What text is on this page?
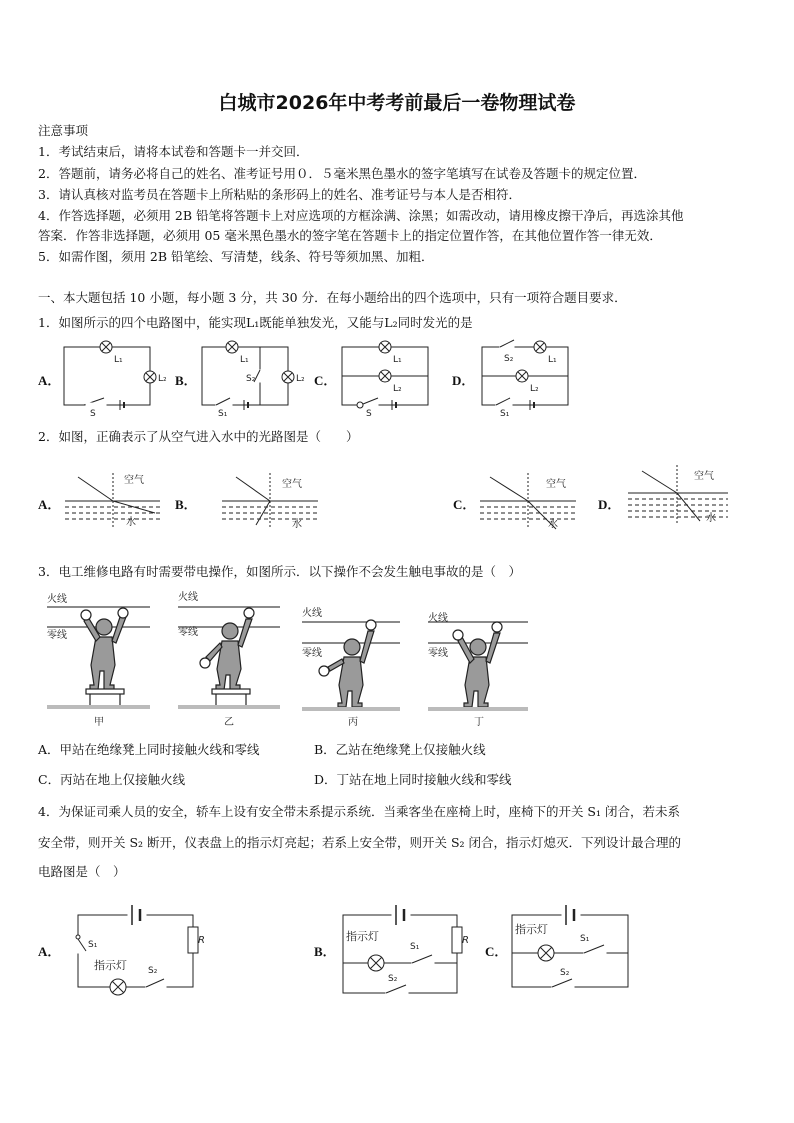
白城市2026年中考考前最后一卷物理试卷
注意事项
1．考试结束后，请将本试卷和答题卡一并交回．
2．答题前，请务必将自己的姓名、准考证号用０．５毫米黑色墨水的签字笔填写在试卷及答题卡的规定位置．
3．请认真核对监考员在答题卡上所粘贴的条形码上的姓名、准考证号与本人是否相符．
4．作答选择题，必须用 2B 铅笔将答题卡上对应选项的方框涂满、涂黑；如需改动，请用橡皮擦干净后，再选涂其他
答案．作答非选择题，必须用 05 毫米黑色墨水的签字笔在答题卡上的指定位置作答，在其他位置作答一律无效．
5．如需作图，须用 2B 铅笔绘、写清楚，线条、符号等须加黑、加粗．
一、本大题包括 10 小题，每小题 3 分，共 30 分．在每小题给出的四个选项中，只有一项符合题目要求．
1．如图所示的四个电路图中，能实现L₁既能单独发光，又能与L₂同时发光的是
A．	B．	C．	D．
L₁
L₂
S
L₁
L₂
S₂
S₁
L₁
L₂
S
L₁
L₂
S₂
S₁
2．如图，正确表示了从空气进入水中的光路图是（　　）
A．	B．	C．	D．
空气
水
空气
水
空气
水
空气
水
3．电工维修电路有时需要带电操作，如图所示．以下操作不会发生触电事故的是（　）
火线
零线
火线
零线
火线
零线
火线
零线
甲	乙	丙	丁
A．甲站在绝缘凳上同时接触火线和零线	B．乙站在绝缘凳上仅接触火线
C．丙站在地上仅接触火线	D．丁站在地上同时接触火线和零线
4．为保证司乘人员的安全，轿车上设有安全带未系提示系统．当乘客坐在座椅上时，座椅下的开关 S₁ 闭合，若未系
安全带，则开关 S₂ 断开，仪表盘上的指示灯亮起；若系上安全带，则开关 S₂ 闭合，指示灯熄灭．下列设计最合理的
电路图是（　）
A．	B．	C．
S₁
指示灯 S₂
R	指示灯
S₁
S₂
R
指示灯
S₁
S₂
